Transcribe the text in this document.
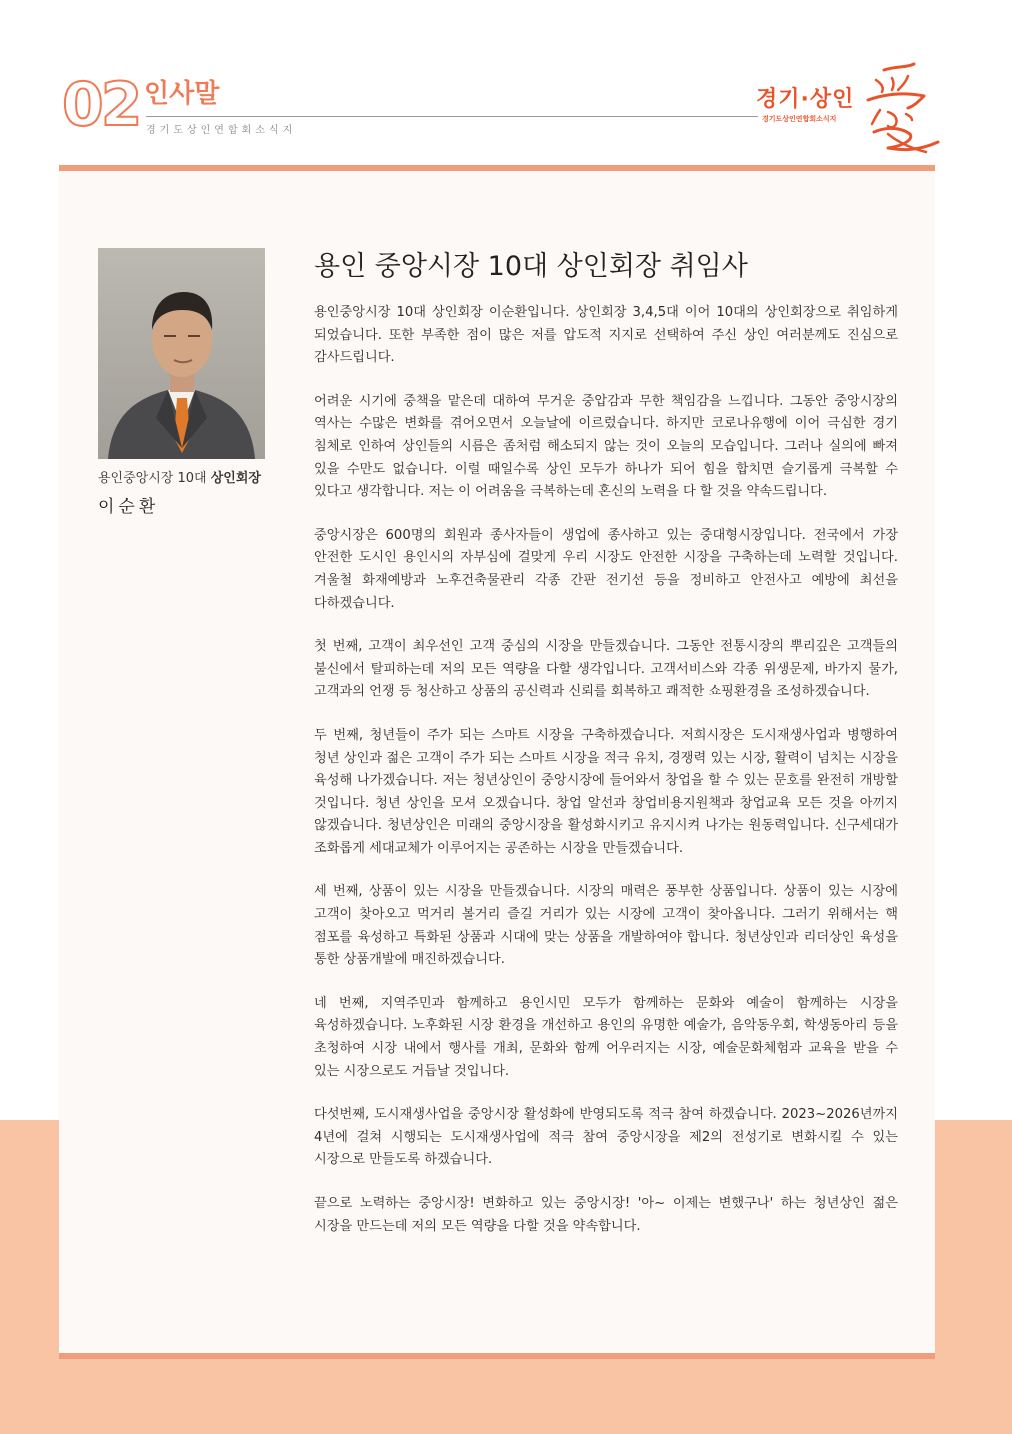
02 인사말
경기도상인연합회소식지
경기·상인
경기도상인연합회소식지
용인중앙시장 10대 상인회장
이순환
용인 중앙시장 10대 상인회장 취임사

용인중앙시장 10대 상인회장 이순환입니다. 상인회장 3,4,5대 이어 10대의 상인회장으로 취임하게 되었습니다. 또한 부족한 점이 많은 저를 압도적 지지로 선택하여 주신 상인 여러분께도 진심으로 감사드립니다.

어려운 시기에 중책을 맡은데 대하여 무거운 중압감과 무한 책임감을 느낍니다. 그동안 중앙시장의 역사는 수많은 변화를 겪어오면서 오늘날에 이르렀습니다. 하지만 코로나유행에 이어 극심한 경기 침체로 인하여 상인들의 시름은 좀처럼 해소되지 않는 것이 오늘의 모습입니다. 그러나 실의에 빠져 있을 수만도 없습니다. 이럴 때일수록 상인 모두가 하나가 되어 힘을 합치면 슬기롭게 극복할 수 있다고 생각합니다. 저는 이 어려움을 극복하는데 혼신의 노력을 다 할 것을 약속드립니다.

중앙시장은 600명의 회원과 종사자들이 생업에 종사하고 있는 중대형시장입니다. 전국에서 가장 안전한 도시인 용인시의 자부심에 걸맞게 우리 시장도 안전한 시장을 구축하는데 노력할 것입니다. 겨울철 화재예방과 노후건축물관리 각종 간판 전기선 등을 정비하고 안전사고 예방에 최선을 다하겠습니다.

첫 번째, 고객이 최우선인 고객 중심의 시장을 만들겠습니다. 그동안 전통시장의 뿌리깊은 고객들의 불신에서 탈피하는데 저의 모든 역량을 다할 생각입니다. 고객서비스와 각종 위생문제, 바가지 물가, 고객과의 언쟁 등 청산하고 상품의 공신력과 신뢰를 회복하고 쾌적한 쇼핑환경을 조성하겠습니다.

두 번째, 청년들이 주가 되는 스마트 시장을 구축하겠습니다. 저희시장은 도시재생사업과 병행하여 청년 상인과 젊은 고객이 주가 되는 스마트 시장을 적극 유치, 경쟁력 있는 시장, 활력이 넘치는 시장을 육성해 나가겠습니다. 저는 청년상인이 중앙시장에 들어와서 창업을 할 수 있는 문호를 완전히 개방할 것입니다. 청년 상인을 모셔 오겠습니다. 창업 알선과 창업비용지원책과 창업교육 모든 것을 아끼지 않겠습니다. 청년상인은 미래의 중앙시장을 활성화시키고 유지시켜 나가는 원동력입니다. 신구세대가 조화롭게 세대교체가 이루어지는 공존하는 시장을 만들겠습니다.

세 번째, 상품이 있는 시장을 만들겠습니다. 시장의 매력은 풍부한 상품입니다. 상품이 있는 시장에 고객이 찾아오고 먹거리 볼거리 즐길 거리가 있는 시장에 고객이 찾아옵니다. 그러기 위해서는 핵 점포를 육성하고 특화된 상품과 시대에 맞는 상품을 개발하여야 합니다. 청년상인과 리더상인 육성을 통한 상품개발에 매진하겠습니다.

네 번째, 지역주민과 함께하고 용인시민 모두가 함께하는 문화와 예술이 함께하는 시장을 육성하겠습니다. 노후화된 시장 환경을 개선하고 용인의 유명한 예술가, 음악동우회, 학생동아리 등을 초청하여 시장 내에서 행사를 개최, 문화와 함께 어우러지는 시장, 예술문화체험과 교육을 받을 수 있는 시장으로도 거듭날 것입니다.

다섯번째, 도시재생사업을 중앙시장 활성화에 반영되도록 적극 참여 하겠습니다. 2023~2026년까지 4년에 걸쳐 시행되는 도시재생사업에 적극 참여 중앙시장을 제2의 전성기로 변화시킬 수 있는 시장으로 만들도록 하겠습니다.

끝으로 노력하는 중앙시장! 변화하고 있는 중앙시장! '아~ 이제는 변했구나' 하는 청년상인 젊은 시장을 만드는데 저의 모든 역량을 다할 것을 약속합니다.
